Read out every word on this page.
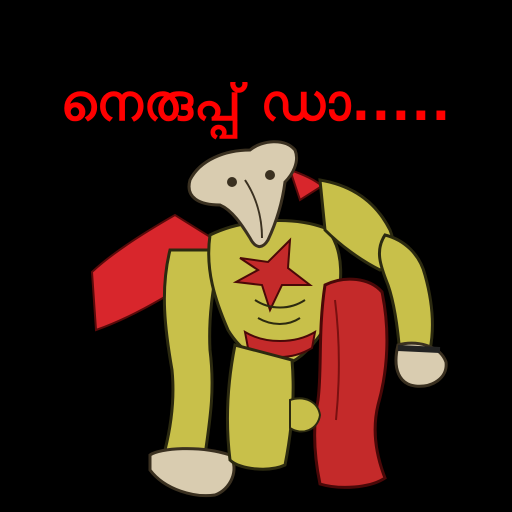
നെരുപ്പ് ഡാ.....
